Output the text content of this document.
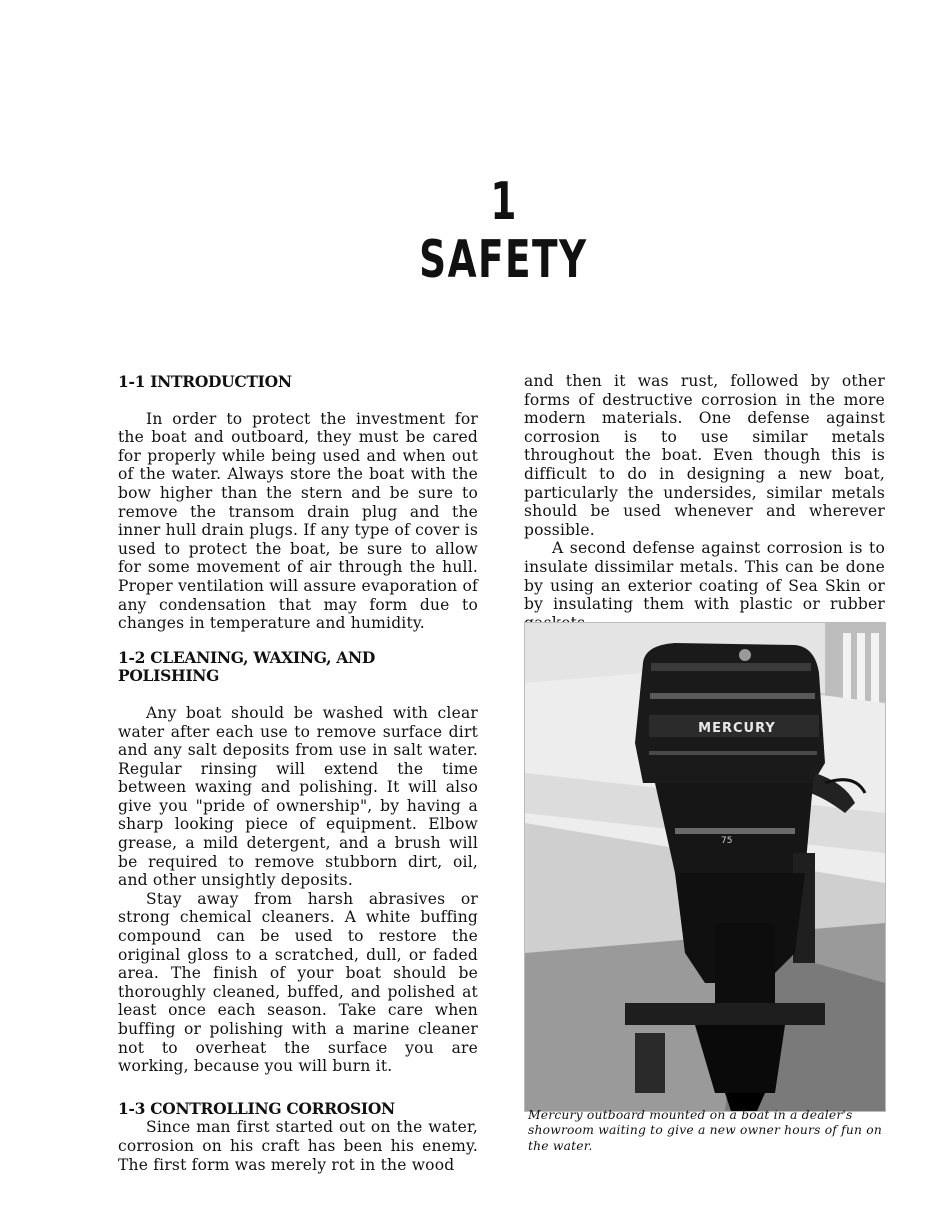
1
SAFETY
1-1 INTRODUCTION

In order to protect the investment for the boat and outboard, they must be cared for properly while being used and when out of the water. Always store the boat with the bow higher than the stern and be sure to remove the transom drain plug and the inner hull drain plugs. If any type of cover is used to protect the boat, be sure to allow for some movement of air through the hull. Proper ventilation will assure evaporation of any condensation that may form due to changes in temperature and humidity.

1-2 CLEANING, WAXING, AND POLISHING

Any boat should be washed with clear water after each use to remove surface dirt and any salt deposits from use in salt water. Regular rinsing will extend the time between waxing and polishing. It will also give you "pride of ownership", by having a sharp looking piece of equipment. Elbow grease, a mild detergent, and a brush will be required to remove stubborn dirt, oil, and other unsightly deposits.

Stay away from harsh abrasives or strong chemical cleaners. A white buffing compound can be used to restore the original gloss to a scratched, dull, or faded area. The finish of your boat should be thoroughly cleaned, buffed, and polished at least once each season. Take care when buffing or polishing with a marine cleaner not to overheat the surface you are working, because you will burn it.

1-3 CONTROLLING CORROSION

Since man first started out on the water, corrosion on his craft has been his enemy. The first form was merely rot in the wood

and then it was rust, followed by other forms of destructive corrosion in the more modern materials. One defense against corrosion is to use similar metals throughout the boat. Even though this is difficult to do in designing a new boat, particularly the undersides, similar metals should be used whenever and wherever possible.

A second defense against corrosion is to insulate dissimilar metals. This can be done by using an exterior coating of Sea Skin or by insulating them with plastic or rubber

MERCURY
75
Mercury outboard mounted on a boat in a dealer's showroom waiting to give a new owner hours of fun on the water.
